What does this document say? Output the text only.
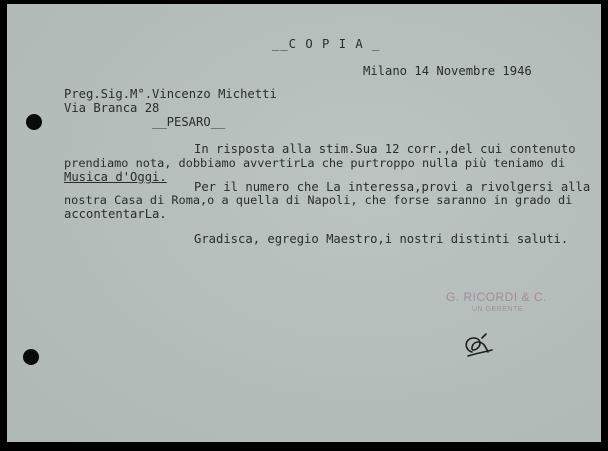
__C O P I A _
Milano 14 Novembre 1946
Preg.Sig.M°.Vincenzo Michetti
Via Branca 28
__PESARO__
In risposta alla stim.Sua 12 corr.,del cui contenuto
prendiamo nota, dobbiamo avvertirLa che purtroppo nulla più teniamo di
Musica d'Oggi.
Per il numero che La interessa,provi a rivolgersi alla
nostra Casa di Roma,o a quella di Napoli, che forse saranno in grado di
accontentarLa.
Gradisca, egregio Maestro,i nostri distinti saluti.
G. RICORDI & C.
UN GERENTE
